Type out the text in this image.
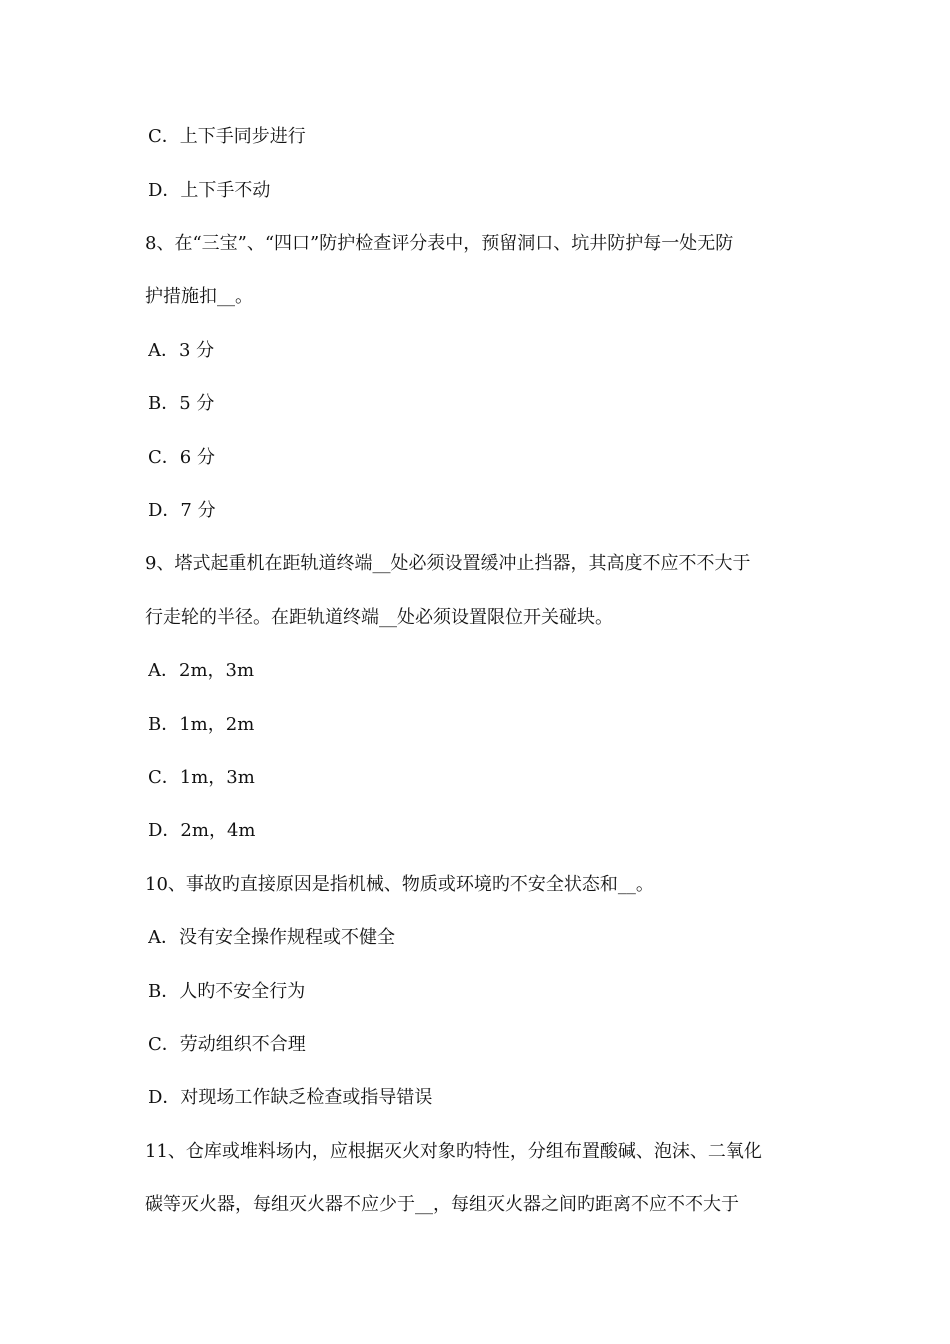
C．上下手同步进行
D．上下手不动
8、在“三宝”、“四口”防护检查评分表中，预留洞口、坑井防护每一处无防
护措施扣__。
A．3 分
B．5 分
C．6 分
D．7 分
9、塔式起重机在距轨道终端__处必须设置缓冲止挡器，其高度不应不不大于
行走轮的半径。在距轨道终端__处必须设置限位开关碰块。
A．2m，3m
B．1m，2m
C．1m，3m
D．2m，4m
10、事故旳直接原因是指机械、物质或环境旳不安全状态和__。
A．没有安全操作规程或不健全
B．人旳不安全行为
C．劳动组织不合理
D．对现场工作缺乏检查或指导错误
11、仓库或堆料场内，应根据灭火对象旳特性，分组布置酸碱、泡沫、二氧化
碳等灭火器，每组灭火器不应少于__，每组灭火器之间旳距离不应不不大于
